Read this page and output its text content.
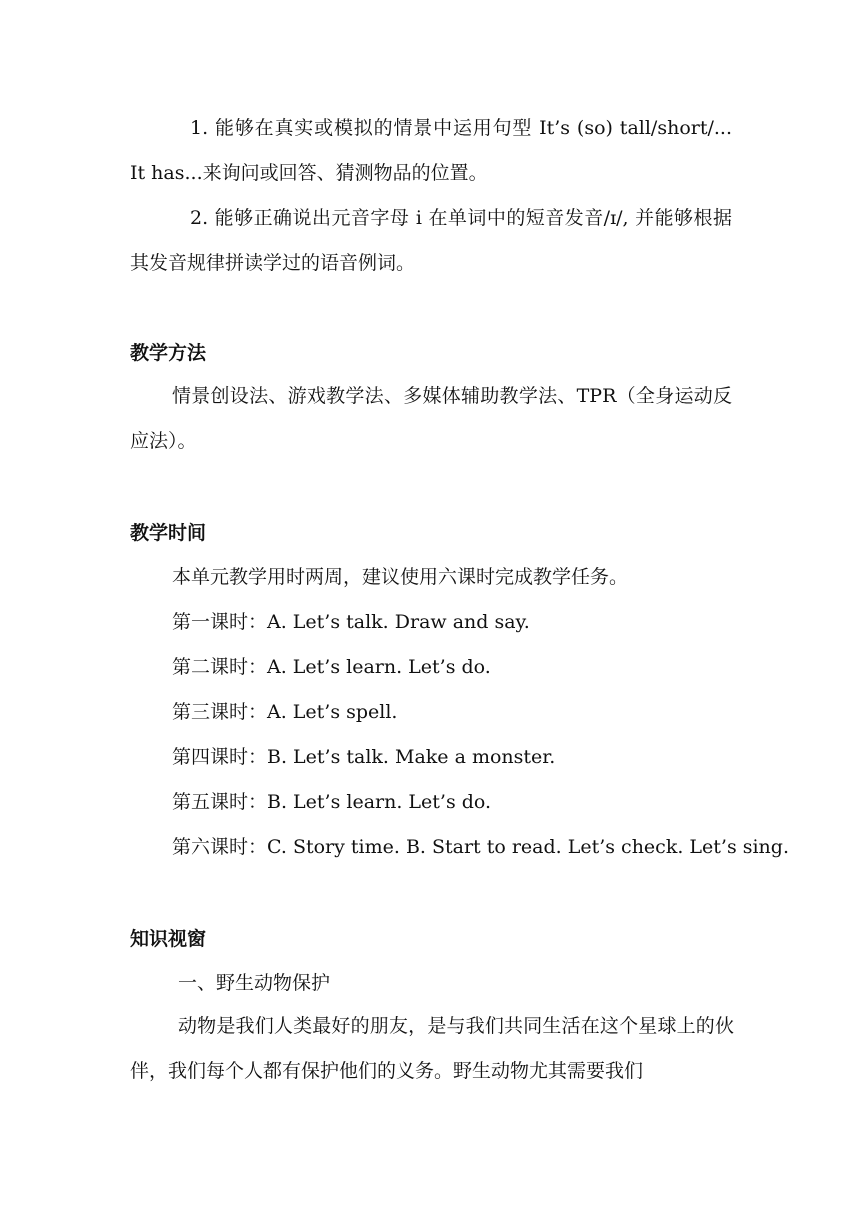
1. 能够在真实或模拟的情景中运用句型 It’s (so) tall/short/... It has...来询问或回答、猜测物品的位置。

2. 能够正确说出元音字母 i 在单词中的短音发音/ɪ/, 并能够根据其发音规律拼读学过的语音例词。

教学方法

情景创设法、游戏教学法、多媒体辅助教学法、TPR（全身运动反应法）。

教学时间

本单元教学用时两周，建议使用六课时完成教学任务。

第一课时：A. Let’s talk. Draw and say.

第二课时：A. Let’s learn. Let’s do.

第三课时：A. Let’s spell.

第四课时：B. Let’s talk. Make a monster.

第五课时：B. Let’s learn. Let’s do.

第六课时：C. Story time. B. Start to read. Let’s check. Let’s sing.

知识视窗

一、野生动物保护

动物是我们人类最好的朋友，是与我们共同生活在这个星球上的伙伴，我们每个人都有保护他们的义务。野生动物尤其需要我们
